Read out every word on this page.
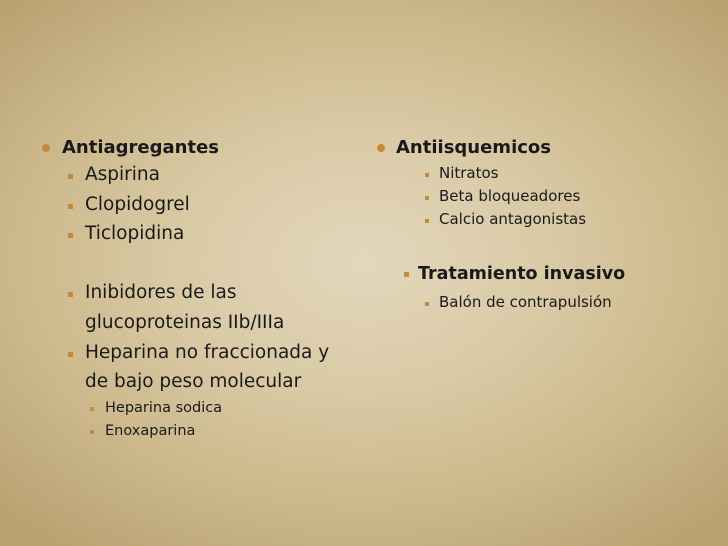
Antiagregantes
Aspirina
Clopidogrel
Ticlopidina
Inibidores de las
glucoproteinas IIb/IIIa
Heparina no fraccionada y
de bajo peso molecular
Heparina sodica
Enoxaparina
Antiisquemicos
Nitratos
Beta bloqueadores
Calcio antagonistas
Tratamiento invasivo
Balón de contrapulsión
